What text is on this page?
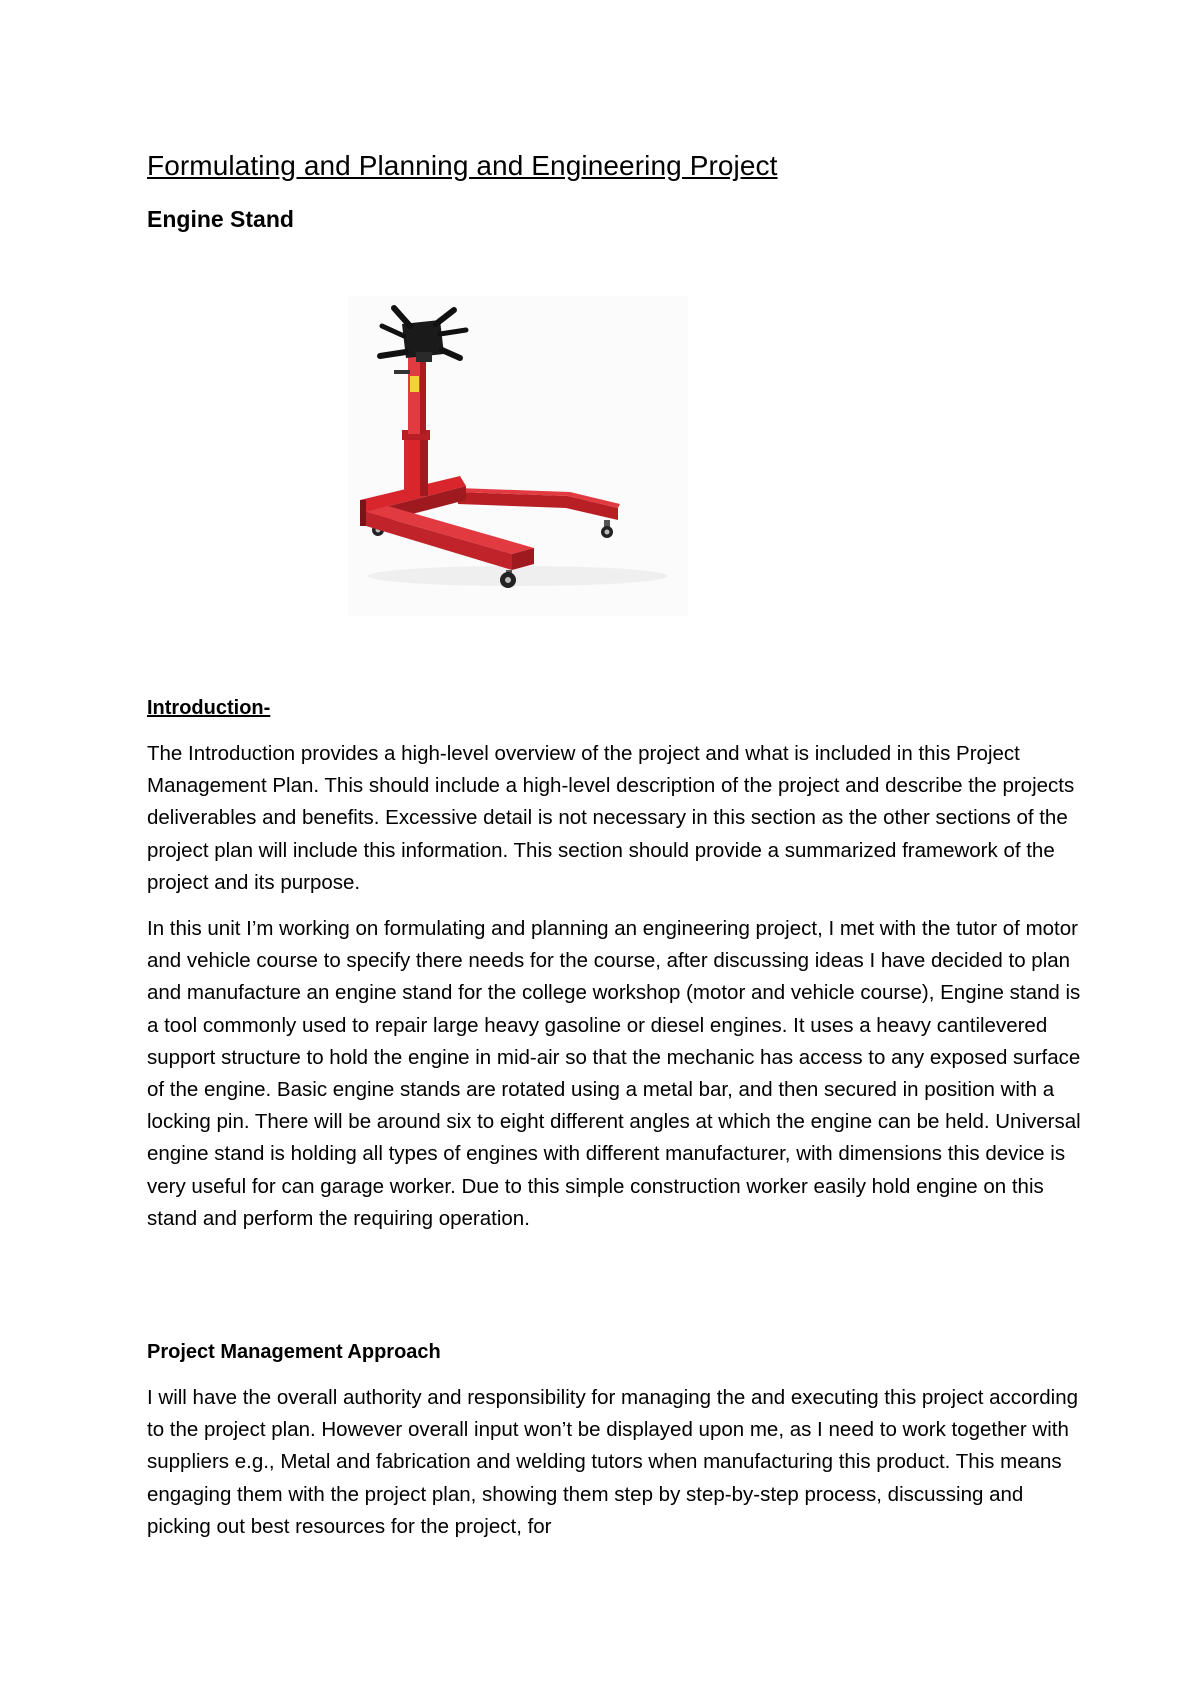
Formulating and Planning and Engineering Project
Engine Stand

Introduction-

The Introduction provides a high-level overview of the project and what is included in this Project Management Plan. This should include a high-level description of the project and describe the projects deliverables and benefits. Excessive detail is not necessary in this section as the other sections of the project plan will include this information. This section should provide a summarized framework of the project and its purpose.

In this unit I’m working on formulating and planning an engineering project, I met with the tutor of motor and vehicle course to specify there needs for the course, after discussing ideas I have decided to plan and manufacture an engine stand for the college workshop (motor and vehicle course), Engine stand is a tool commonly used to repair large heavy gasoline or diesel engines. It uses a heavy cantilevered support structure to hold the engine in mid-air so that the mechanic has access to any exposed surface of the engine. Basic engine stands are rotated using a metal bar, and then secured in position with a locking pin. There will be around six to eight different angles at which the engine can be held. Universal engine stand is holding all types of engines with different manufacturer, with dimensions this device is very useful for can garage worker. Due to this simple construction worker easily hold engine on this stand and perform the requiring operation.

Project Management Approach

I will have the overall authority and responsibility for managing the and executing this project according to the project plan. However overall input won’t be displayed upon me, as I need to work together with suppliers e.g., Metal and fabrication and welding tutors when manufacturing this product. This means engaging them with the project plan, showing them step by step-by-step process, discussing and picking out best resources for the project, for
